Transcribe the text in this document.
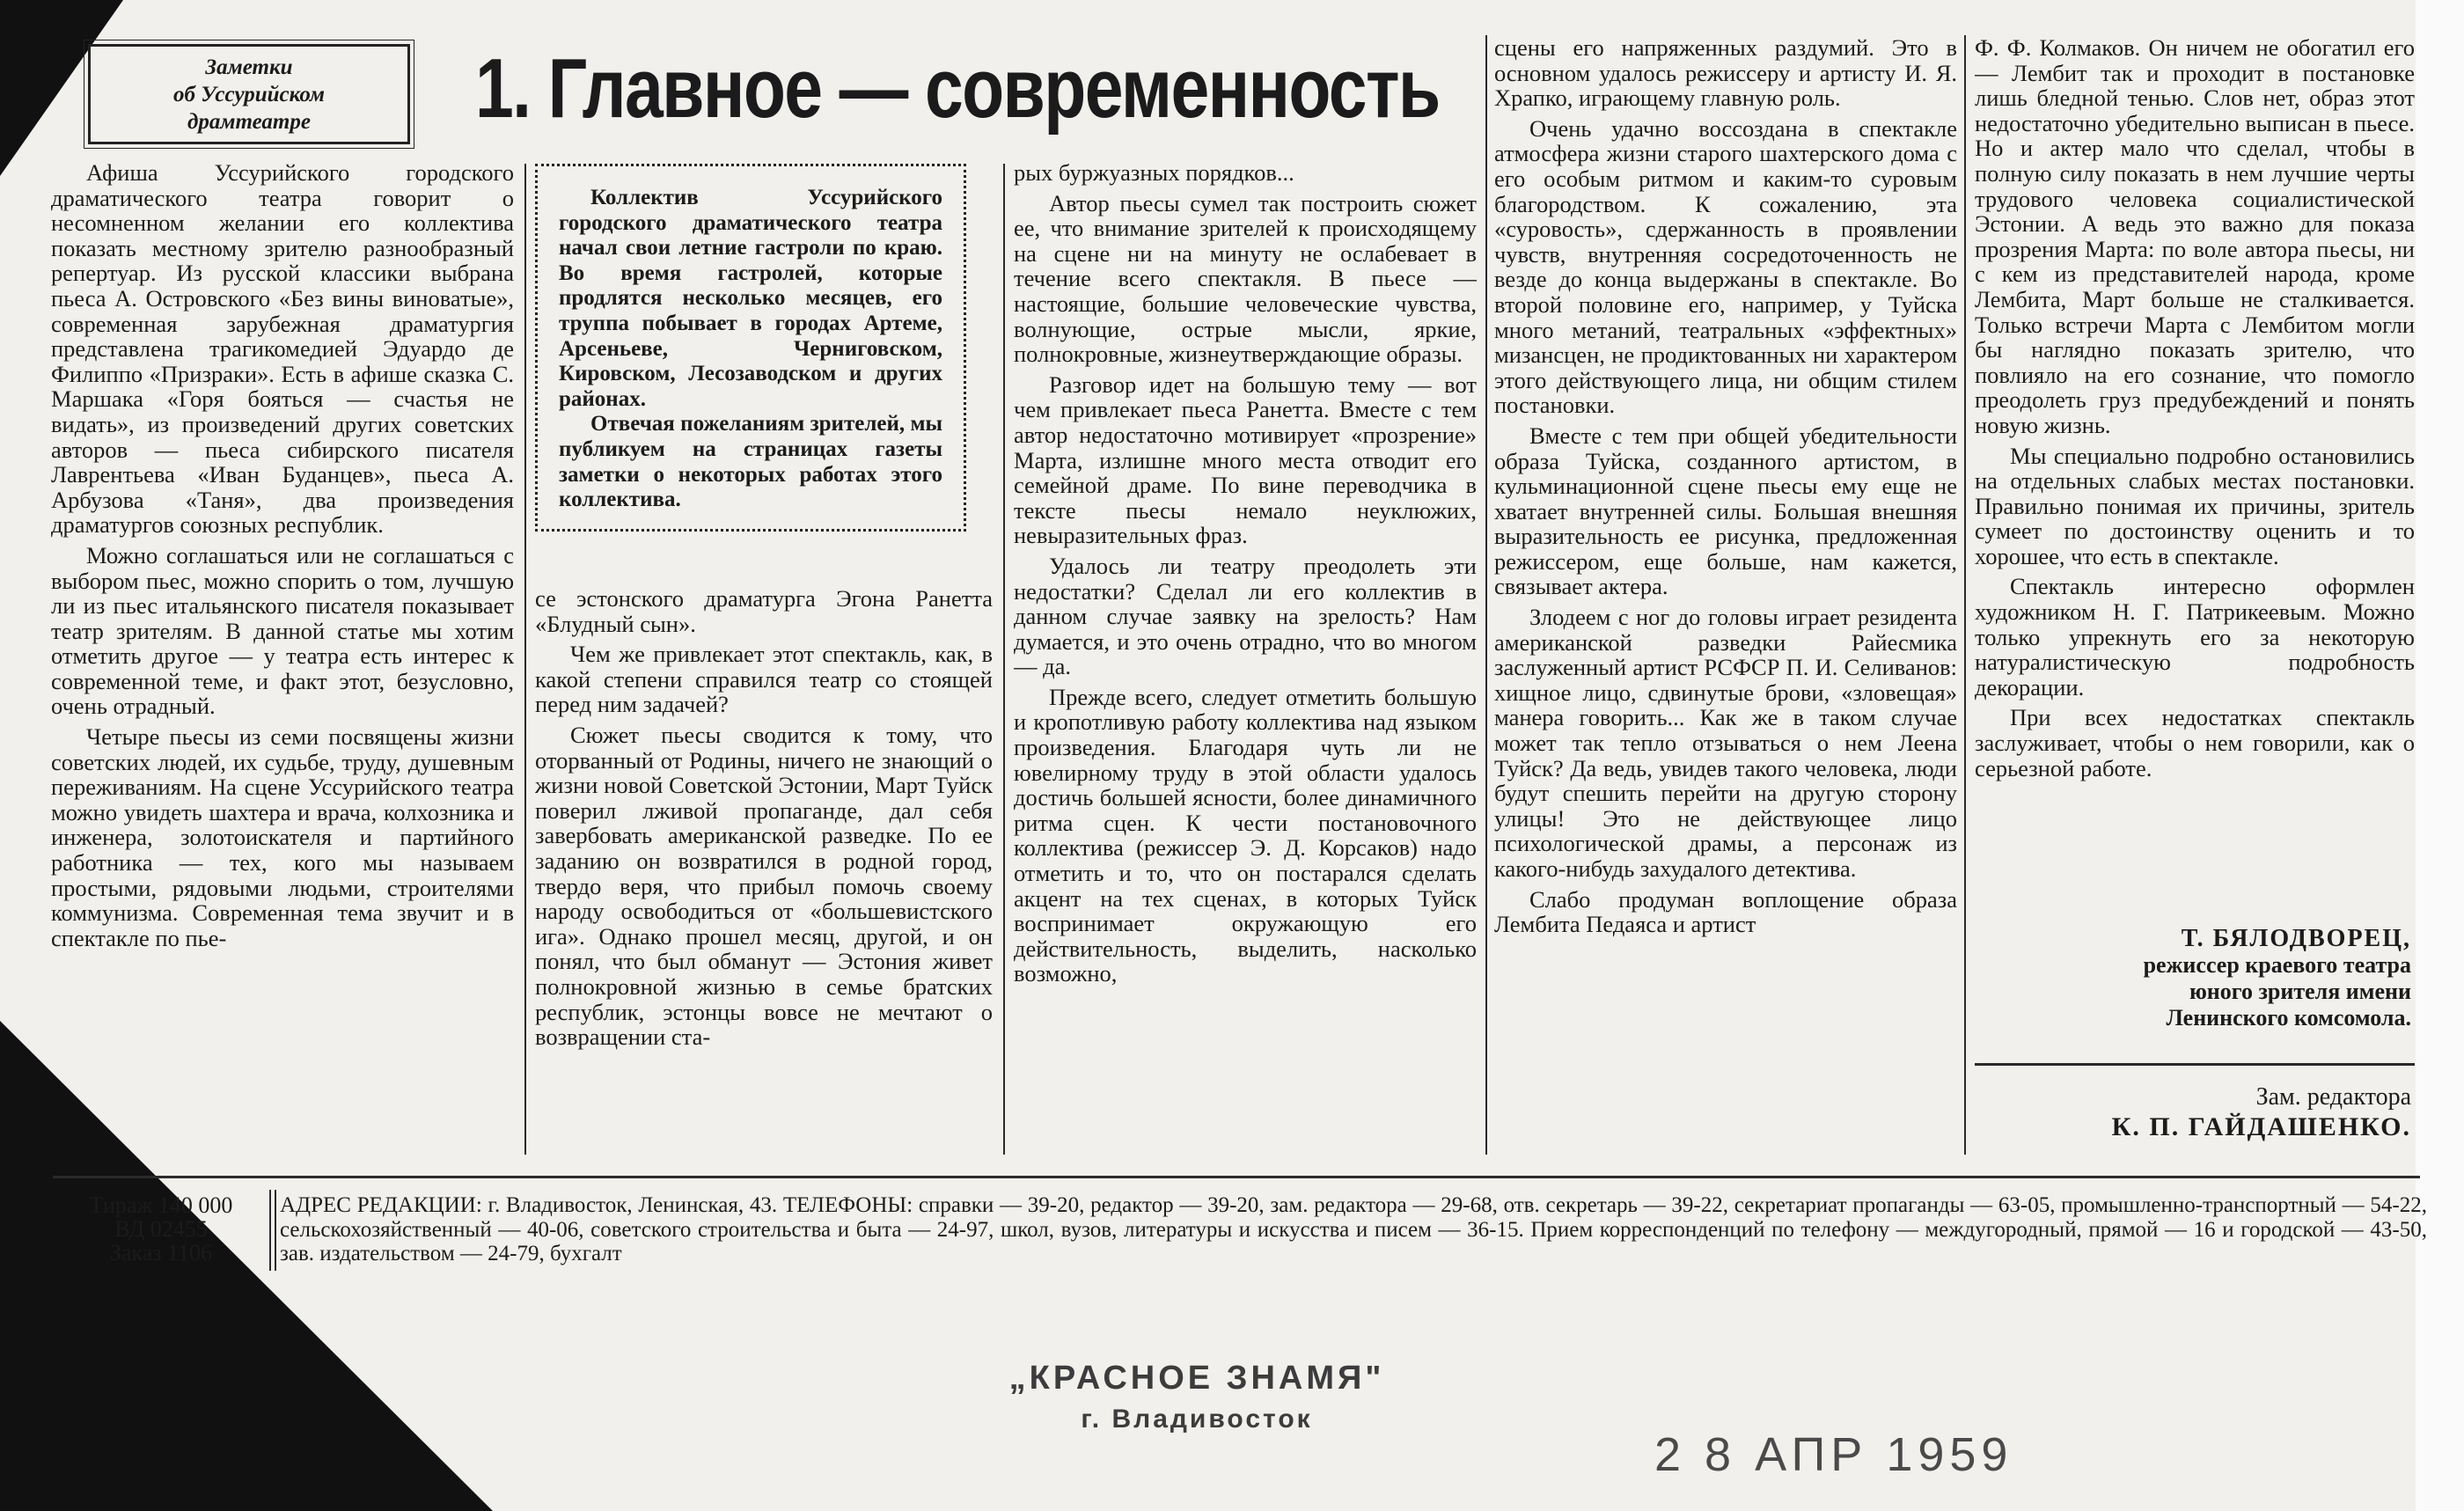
Заметки
об Уссурийском
драмтеатре 1. Главное — современность

Афиша Уссурийского городского драматического театра говорит о несомненном желании его коллектива показать местному зрителю разнообразный репертуар. Из русской классики выбрана пьеса А. Островского «Без вины виноватые», современная зарубежная драматургия представлена трагикомедией Эдуардо де Филиппо «Призраки». Есть в афише сказка С. Маршака «Горя бояться — счастья не видать», из произведений других советских авторов — пьеса сибирского писателя Лаврентьева «Иван Буданцев», пьеса А. Арбузова «Таня», два произведения драматургов союзных республик.

Можно соглашаться или не соглашаться с выбором пьес, можно спорить о том, лучшую ли из пьес итальянского писателя показывает театр зрителям. В данной статье мы хотим отметить другое — у театра есть интерес к современной теме, и факт этот, безусловно, очень отрадный.

Четыре пьесы из семи посвящены жизни советских людей, их судьбе, труду, душевным переживаниям. На сцене Уссурийского театра можно увидеть шахтера и врача, колхозника и инженера, золотоискателя и партийного работника — тех, кого мы называем простыми, рядовыми людьми, строителями коммунизма. Современная тема звучит и в спектакле по пье-

Коллектив Уссурийского городского драматического театра начал свои летние гастроли по краю. Во время гастролей, которые продлятся несколько месяцев, его труппа побывает в городах Артеме, Арсеньеве, Черниговском, Кировском, Лесозаводском и других районах.

Отвечая пожеланиям зрителей, мы публикуем на страницах газеты заметки о некоторых работах этого коллектива.

се эстонского драматурга Эгона Ранетта «Блудный сын».

Чем же привлекает этот спектакль, как, в какой степени справился театр со стоящей перед ним задачей?

Сюжет пьесы сводится к тому, что оторванный от Родины, ничего не знающий о жизни новой Советской Эстонии, Март Туйск поверил лживой пропаганде, дал себя завербовать американской разведке. По ее заданию он возвратился в родной город, твердо веря, что прибыл помочь своему народу освободиться от «большевистского ига». Однако прошел месяц, другой, и он понял, что был обманут — Эстония живет полнокровной жизнью в семье братских республик, эстонцы вовсе не мечтают о возвращении ста-

рых буржуазных порядков...

Автор пьесы сумел так построить сюжет ее, что внимание зрителей к происходящему на сцене ни на минуту не ослабевает в течение всего спектакля. В пьесе — настоящие, большие человеческие чувства, волнующие, острые мысли, яркие, полнокровные, жизнеутверждающие образы.

Разговор идет на большую тему — вот чем привлекает пьеса Ранетта. Вместе с тем автор недостаточно мотивирует «прозрение» Марта, излишне много места отводит его семейной драме. По вине переводчика в тексте пьесы немало неуклюжих, невыразительных фраз.

Удалось ли театру преодолеть эти недостатки? Сделал ли его коллектив в данном случае заявку на зрелость? Нам думается, и это очень отрадно, что во многом — да.

Прежде всего, следует отметить большую и кропотливую работу коллектива над языком произведения. Благодаря чуть ли не ювелирному труду в этой области удалось достичь большей ясности, более динамичного ритма сцен. К чести постановочного коллектива (режиссер Э. Д. Корсаков) надо отметить и то, что он постарался сделать акцент на тех сценах, в которых Туйск воспринимает окружающую его действительность, выделить, насколько возможно,

сцены его напряженных раздумий. Это в основном удалось режиссеру и артисту И. Я. Храпко, играющему главную роль.

Очень удачно воссоздана в спектакле атмосфера жизни старого шахтерского дома с его особым ритмом и каким-то суровым благородством. К сожалению, эта «суровость», сдержанность в проявлении чувств, внутренняя сосредоточенность не везде до конца выдержаны в спектакле. Во второй половине его, например, у Туйска много метаний, театральных «эффектных» мизансцен, не продиктованных ни характером этого действующего лица, ни общим стилем постановки.

Вместе с тем при общей убедительности образа Туйска, созданного артистом, в кульминационной сцене пьесы ему еще не хватает внутренней силы. Большая внешняя выразительность ее рисунка, предложенная режиссером, еще больше, нам кажется, связывает актера.

Злодеем с ног до головы играет резидента американской разведки Райесмика заслуженный артист РСФСР П. И. Селиванов: хищное лицо, сдвинутые брови, «зловещая» манера говорить... Как же в таком случае может так тепло отзываться о нем Леена Туйск? Да ведь, увидев такого человека, люди будут спешить перейти на другую сторону улицы! Это не действующее лицо психологической драмы, а персонаж из какого-нибудь захудалого детектива.

Слабо продуман воплощение образа Лембита Педаяса и артист

Ф. Ф. Колмаков. Он ничем не обогатил его — Лембит так и проходит в постановке лишь бледной тенью. Слов нет, образ этот недостаточно убедительно выписан в пьесе. Но и актер мало что сделал, чтобы в полную силу показать в нем лучшие черты трудового человека социалистической Эстонии. А ведь это важно для показа прозрения Марта: по воле автора пьесы, ни с кем из представителей народа, кроме Лембита, Март больше не сталкивается. Только встречи Марта с Лембитом могли бы наглядно показать зрителю, что повлияло на его сознание, что помогло преодолеть груз предубеждений и понять новую жизнь.

Мы специально подробно остановились на отдельных слабых местах постановки. Правильно понимая их причины, зритель сумеет по достоинству оценить и то хорошее, что есть в спектакле.

Спектакль интересно оформлен художником Н. Г. Патрикеевым. Можно только упрекнуть его за некоторую натуралистическую подробность декорации.

При всех недостатках спектакль заслуживает, чтобы о нем говорили, как о серьезной работе.

Т. БЯЛОДВОРЕЦ,
режиссер краевого театра
юного зрителя имени
Ленинского комсомола.
Зам. редактора
К. П. ГАЙДАШЕНКО.
Тираж 140 000
ВД 02455
Заказ 1106
АДРЕС РЕДАКЦИИ: г. Владивосток, Ленинская, 43. ТЕЛЕФОНЫ: справки — 39-20, редактор — 39-20, зам. редактора — 29-68, отв. секретарь — 39-22, секретариат пропаганды — 63-05, промышленно-транспортный — 54-22, сельскохозяйственный — 40-06, советского строительства и быта — 24-97, школ, вузов, литературы и искусства и писем — 36-15. Прием корреспонденций по телефону — междугородный, прямой — 16 и городской — 43-50, зав. издательством — 24-79, бухгалт
„КРАСНОЕ ЗНАМЯ"
г. Владивосток
2 8 АПР 1959
